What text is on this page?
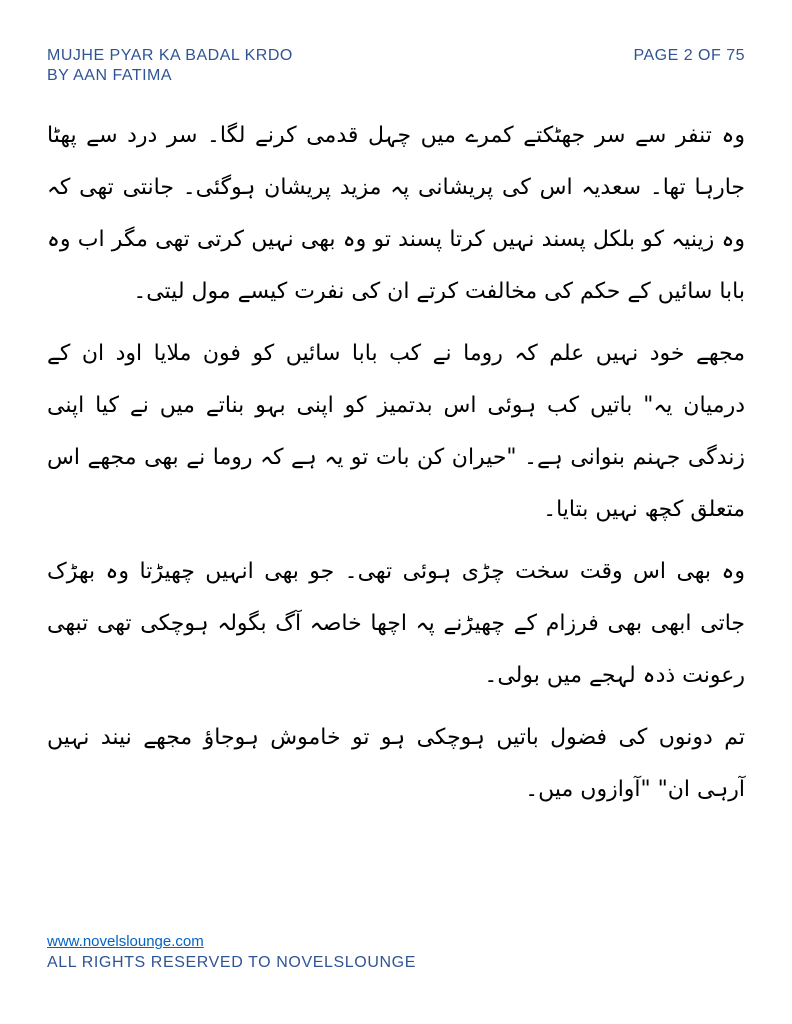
MUJHE PYAR KA BADAL KRDO
BY AAN FATIMA
PAGE 2 OF 75

وہ تنفر سے سر جھٹکتے کمرے میں چہل قدمی کرنے لگا۔ سر درد سے پھٹا جارہا تھا۔ سعدیہ اس کی پریشانی پہ مزید پریشان ہوگئی۔ جانتی تھی کہ وہ زینیہ کو بلکل پسند نہیں کرتا پسند تو وہ بھی نہیں کرتی تھی مگر اب وہ بابا سائیں کے حکم کی مخالفت کرتے ان کی نفرت کیسے مول لیتی۔

مجھے خود نہیں علم کہ روما نے کب بابا سائیں کو فون ملایا اود ان کے درمیان یہ" باتیں کب ہوئی اس بدتمیز کو اپنی بہو بناتے میں نے کیا اپنی زندگی جہنم بنوانی ہے۔ "حیران کن بات تو یہ ہے کہ روما نے بھی مجھے اس متعلق کچھ نہیں بتایا۔

وہ بھی اس وقت سخت چڑی ہوئی تھی۔ جو بھی انہیں چھیڑتا وہ بھڑک جاتی ابھی بھی فرزام کے چھیڑنے پہ اچھا خاصہ آگ بگولہ ہوچکی تھی تبھی رعونت ذدہ لہجے میں بولی۔

تم دونوں کی فضول باتیں ہوچکی ہو تو خاموش ہوجاؤ مجھے نیند نہیں آرہی ان" "آوازوں میں۔

www.novelslounge.com
ALL RIGHTS RESERVED TO NOVELSLOUNGE
